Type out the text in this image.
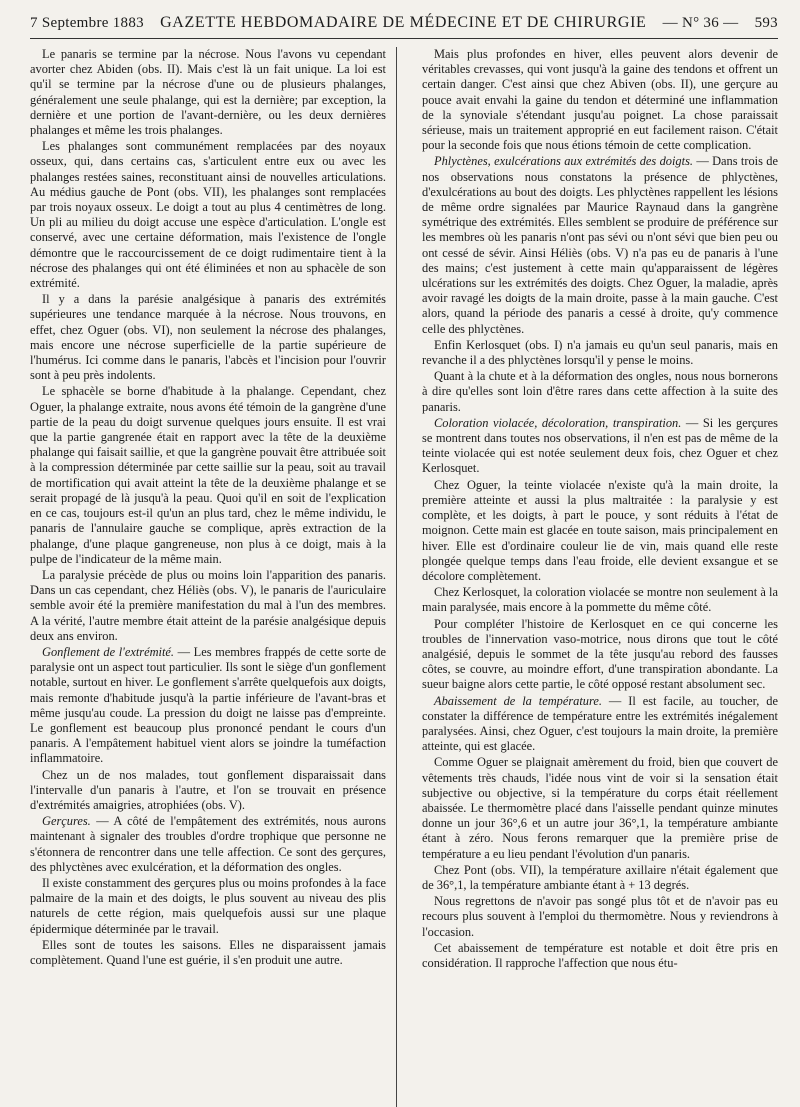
7 Septembre 1883 GAZETTE HEBDOMADAIRE DE MÉDECINE ET DE CHIRURGIE — N° 36 — 593

Le panaris se termine par la nécrose. Nous l'avons vu cependant avorter chez Abiden (obs. II). Mais c'est là un fait unique. La loi est qu'il se termine par la nécrose d'une ou de plusieurs phalanges, généralement une seule phalange, qui est la dernière; par exception, la dernière et une portion de l'avant-dernière, ou les deux dernières phalanges et même les trois phalanges.

Les phalanges sont communément remplacées par des noyaux osseux, qui, dans certains cas, s'articulent entre eux ou avec les phalanges restées saines, reconstituant ainsi de nouvelles articulations. Au médius gauche de Pont (obs. VII), les phalanges sont remplacées par trois noyaux osseux. Le doigt a tout au plus 4 centimètres de long. Un pli au milieu du doigt accuse une espèce d'articulation. L'ongle est conservé, avec une certaine déformation, mais l'existence de l'ongle démontre que le raccourcissement de ce doigt rudimentaire tient à la nécrose des phalanges qui ont été éliminées et non au sphacèle de son extrémité.

Il y a dans la parésie analgésique à panaris des extrémités supérieures une tendance marquée à la nécrose. Nous trouvons, en effet, chez Oguer (obs. VI), non seulement la nécrose des phalanges, mais encore une nécrose superficielle de la partie supérieure de l'humérus. Ici comme dans le panaris, l'abcès et l'incision pour l'ouvrir sont à peu près indolents.

Le sphacèle se borne d'habitude à la phalange. Cependant, chez Oguer, la phalange extraite, nous avons été témoin de la gangrène d'une partie de la peau du doigt survenue quelques jours ensuite. Il est vrai que la partie gangrenée était en rapport avec la tête de la deuxième phalange qui faisait saillie, et que la gangrène pouvait être attribuée soit à la compression déterminée par cette saillie sur la peau, soit au travail de mortification qui avait atteint la tête de la deuxième phalange et se serait propagé de là jusqu'à la peau. Quoi qu'il en soit de l'explication en ce cas, toujours est-il qu'un an plus tard, chez le même individu, le panaris de l'annulaire gauche se complique, après extraction de la phalange, d'une plaque gangreneuse, non plus à ce doigt, mais à la pulpe de l'indicateur de la même main.

La paralysie précède de plus ou moins loin l'apparition des panaris. Dans un cas cependant, chez Héliès (obs. V), le panaris de l'auriculaire semble avoir été la première manifestation du mal à l'un des membres. A la vérité, l'autre membre était atteint de la parésie analgésique depuis deux ans environ.

Gonflement de l'extrémité. — Les membres frappés de cette sorte de paralysie ont un aspect tout particulier. Ils sont le siège d'un gonflement notable, surtout en hiver. Le gonflement s'arrête quelquefois aux doigts, mais remonte d'habitude jusqu'à la partie inférieure de l'avant-bras et même jusqu'au coude. La pression du doigt ne laisse pas d'empreinte. Le gonflement est beaucoup plus prononcé pendant le cours d'un panaris. A l'empâtement habituel vient alors se joindre la tuméfaction inflammatoire.

Chez un de nos malades, tout gonflement disparaissait dans l'intervalle d'un panaris à l'autre, et l'on se trouvait en présence d'extrémités amaigries, atrophiées (obs. V).

Gerçures. — A côté de l'empâtement des extrémités, nous aurons maintenant à signaler des troubles d'ordre trophique que personne ne s'étonnera de rencontrer dans une telle affection. Ce sont des gerçures, des phlyctènes avec exulcération, et la déformation des ongles.

Il existe constamment des gerçures plus ou moins profondes à la face palmaire de la main et des doigts, le plus souvent au niveau des plis naturels de cette région, mais quelquefois aussi sur une plaque épidermique déterminée par le travail.

Elles sont de toutes les saisons. Elles ne disparaissent jamais complètement. Quand l'une est guérie, il s'en produit une autre.

Mais plus profondes en hiver, elles peuvent alors devenir de véritables crevasses, qui vont jusqu'à la gaine des tendons et offrent un certain danger. C'est ainsi que chez Abiven (obs. II), une gerçure au pouce avait envahi la gaine du tendon et déterminé une inflammation de la synoviale s'étendant jusqu'au poignet. La chose paraissait sérieuse, mais un traitement approprié en eut facilement raison. C'était pour la seconde fois que nous étions témoin de cette complication.

Phlyctènes, exulcérations aux extrémités des doigts. — Dans trois de nos observations nous constatons la présence de phlyctènes, d'exulcérations au bout des doigts. Les phlyctènes rappellent les lésions de même ordre signalées par Maurice Raynaud dans la gangrène symétrique des extrémités. Elles semblent se produire de préférence sur les membres où les panaris n'ont pas sévi ou n'ont sévi que bien peu ou ont cessé de sévir. Ainsi Héliès (obs. V) n'a pas eu de panaris à l'une des mains; c'est justement à cette main qu'apparaissent de légères ulcérations sur les extrémités des doigts. Chez Oguer, la maladie, après avoir ravagé les doigts de la main droite, passe à la main gauche. C'est alors, quand la période des panaris a cessé à droite, qu'y commence celle des phlyctènes.

Enfin Kerlosquet (obs. I) n'a jamais eu qu'un seul panaris, mais en revanche il a des phlyctènes lorsqu'il y pense le moins.

Quant à la chute et à la déformation des ongles, nous nous bornerons à dire qu'elles sont loin d'être rares dans cette affection à la suite des panaris.

Coloration violacée, décoloration, transpiration. — Si les gerçures se montrent dans toutes nos observations, il n'en est pas de même de la teinte violacée qui est notée seulement deux fois, chez Oguer et chez Kerlosquet.

Chez Oguer, la teinte violacée n'existe qu'à la main droite, la première atteinte et aussi la plus maltraitée : la paralysie y est complète, et les doigts, à part le pouce, y sont réduits à l'état de moignon. Cette main est glacée en toute saison, mais principalement en hiver. Elle est d'ordinaire couleur lie de vin, mais quand elle reste plongée quelque temps dans l'eau froide, elle devient exsangue et se décolore complètement.

Chez Kerlosquet, la coloration violacée se montre non seulement à la main paralysée, mais encore à la pommette du même côté.

Pour compléter l'histoire de Kerlosquet en ce qui concerne les troubles de l'innervation vaso-motrice, nous dirons que tout le côté analgésié, depuis le sommet de la tête jusqu'au rebord des fausses côtes, se couvre, au moindre effort, d'une transpiration abondante. La sueur baigne alors cette partie, le côté opposé restant absolument sec.

Abaissement de la température. — Il est facile, au toucher, de constater la différence de température entre les extrémités inégalement paralysées. Ainsi, chez Oguer, c'est toujours la main droite, la première atteinte, qui est glacée.

Comme Oguer se plaignait amèrement du froid, bien que couvert de vêtements très chauds, l'idée nous vint de voir si la sensation était subjective ou objective, si la température du corps était réellement abaissée. Le thermomètre placé dans l'aisselle pendant quinze minutes donne un jour 36°,6 et un autre jour 36°,1, la température ambiante étant à zéro. Nous ferons remarquer que la première prise de température a eu lieu pendant l'évolution d'un panaris.

Chez Pont (obs. VII), la température axillaire n'était également que de 36°,1, la température ambiante étant à + 13 degrés.

Nous regrettons de n'avoir pas songé plus tôt et de n'avoir pas eu recours plus souvent à l'emploi du thermomètre. Nous y reviendrons à l'occasion.

Cet abaissement de température est notable et doit être pris en considération. Il rapproche l'affection que nous étu-
